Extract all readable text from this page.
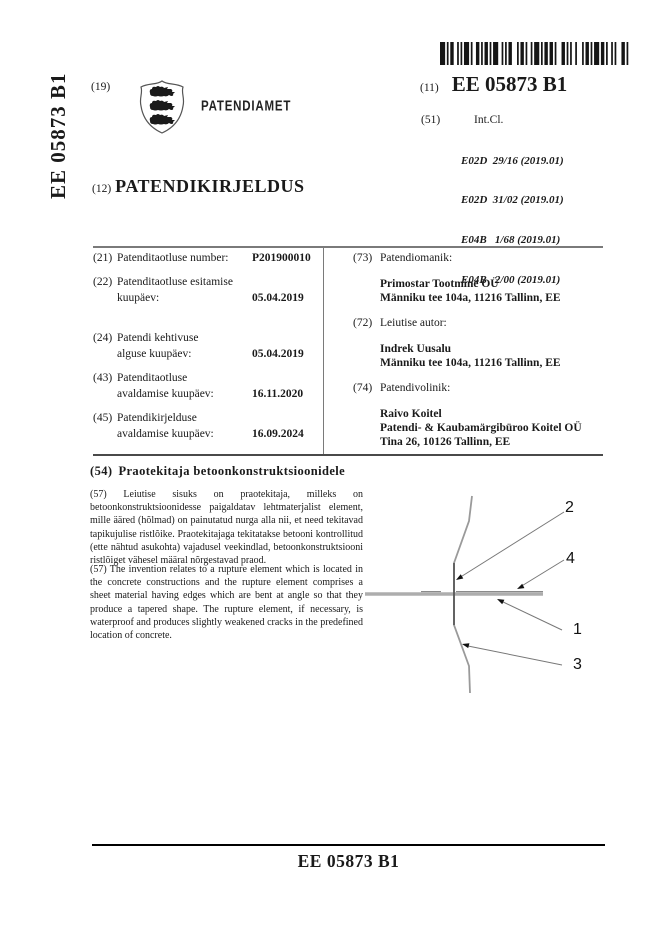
EE 05873 B1 (19)
PATENDIAMET
(12) PATENDIKIRJELDUS
(11) EE 05873 B1
(51)	Int.Cl.

E02D  29/16 (2019.01)

E02D  31/02 (2019.01)

E04B   1/68 (2019.01)

E04B   2/00 (2019.01)

(21) Patenditaotluse number:	P201900010
(22) Patenditaotluse esitamise
kuupäev:	05.04.2019
(24) Patendi kehtivuse
alguse kuupäev:	05.04.2019
(43) Patenditaotluse
avaldamise kuupäev:	16.11.2020
(45) Patendikirjelduse
avaldamise kuupäev:	16.09.2024
(73) Patendiomanik:
Primostar Tootmine OÜ
Männiku tee 104a, 11216 Tallinn, EE
(72) Leiutise autor:
Indrek Uusalu
Männiku tee 104a, 11216 Tallinn, EE
(74) Patendivolinik:
Raivo Koitel
Patendi- & Kaubamärgibüroo Koitel OÜ
Tina 26, 10126 Tallinn, EE
(54) Praotekitaja betoonkonstruktsioonidele
(57) Leiutise sisuks on praotekitaja, milleks on betoonkonstruktsioonidesse paigaldatav lehtmaterjalist element, mille ääred (hõlmad) on painutatud nurga alla nii, et need tekitavad tapikujulise ristlõike. Praotekitajaga tekitatakse betooni kontrollitud (ette nähtud asukohta) vajadusel veekindlad, betoonkonstruktsiooni ristlõiget vähesel määral nõrgestavad praod.
(57) The invention relates to a rupture element which is located in the concrete constructions and the rupture element comprises a sheet material having edges which are bent at angle so that they produce a tapered shape. The rupture element, if necessary, is waterproof and produces slightly weakened cracks in the predefined location of concrete.
2
4
1
3
EE 05873 B1
